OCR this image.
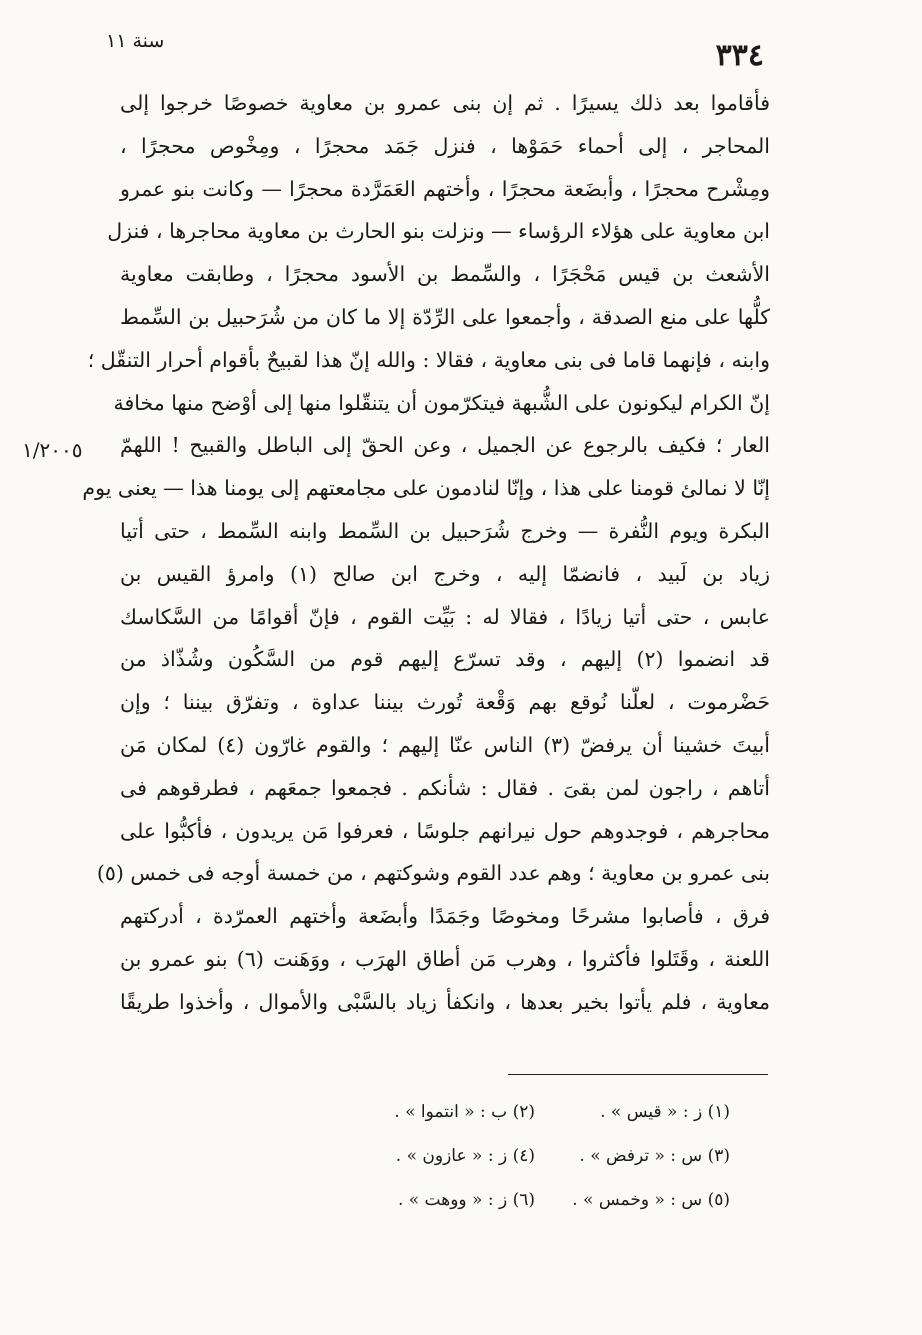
سنة ١١	٣٣٤
١/٢٠٠٥
فأقاموا بعد ذلك يسيرًا . ثم إن بنى عمرو بن معاوية خصوصًا خرجوا إلى
المحاجر ، إلى أحماء حَمَوْها ، فنزل جَمَد محجرًا ، ومِخْوص محجرًا ،
ومِشْرح محجرًا ، وأبضَعة محجرًا ، وأختهم العَمَرَّدة محجرًا — وكانت بنو عمرو
ابن معاوية على هؤلاء الرؤساء — ونزلت بنو الحارث بن معاوية محاجرها ، فنزل
الأشعث بن قيس مَحْجَرًا ، والسِّمط بن الأسود محجرًا ، وطابقت معاوية
كلُّها على منع الصدقة ، وأجمعوا على الرِّدّة إلا ما كان من شُرَحبيل بن السِّمط
وابنه ، فإنهما قاما فى بنى معاوية ، فقالا : والله إنّ هذا لقبيحٌ بأقوام أحرار التنقّل ؛
إنّ الكرام ليكونون على الشُّبهة فيتكرّمون أن يتنقّلوا منها إلى أوْضح منها مخافة
العار ؛ فكيف بالرجوع عن الجميل ، وعن الحقّ إلى الباطل والقبيح ! اللهمّ
إنّا لا نمالئ قومنا على هذا ، وإنّا لنادمون على مجامعتهم إلى يومنا هذا — يعنى يوم
البكرة ويوم النُّفرة — وخرج شُرَحبيل بن السِّمط وابنه السِّمط ، حتى أتيا
زياد بن لَبيد ، فانضمّا إليه ، وخرج ابن صالح (١) وامرؤ القيس بن
عابس ، حتى أتيا زيادًا ، فقالا له : بَيِّت القوم ، فإنّ أقوامًا من السَّكاسك
قد انضموا (٢) إليهم ، وقد تسرّع إليهم قوم من السَّكُون وشُذّاذ من
حَضْرموت ، لعلّنا نُوقع بهم وَقْعة تُورث بيننا عداوة ، وتفرّق بيننا ؛ وإن
أبيتَ خشينا أن يرفضّ (٣) الناس عنّا إليهم ؛ والقوم غارّون (٤) لمكان مَن
أتاهم ، راجون لمن بقىَ . فقال : شأنكم . فجمعوا جمعَهم ، فطرقوهم فى
محاجرهم ، فوجدوهم حول نيرانهم جلوسًا ، فعرفوا مَن يريدون ، فأكبُّوا على
بنى عمرو بن معاوية ؛ وهم عدد القوم وشوكتهم ، من خمسة أوجه فى خمس (٥)
فرق ، فأصابوا مشرحًا ومخوصًا وجَمَدًا وأبضَعة وأختهم العمرّدة ، أدركتهم
اللعنة ، وقَتَلوا فأكثروا ، وهرب مَن أطاق الهرَب ، ووَهَنت (٦) بنو عمرو بن
معاوية ، فلم يأتوا بخير بعدها ، وانكفأ زياد بالسَّبْى والأموال ، وأخذوا طريقًا
(١) ز : « قيس » .
(٢) ب : « انتموا » .
(٣) س : « ترفض » .
(٤) ز : « عازون » .
(٥) س : « وخمس » .
(٦) ز : « ووهت » .
